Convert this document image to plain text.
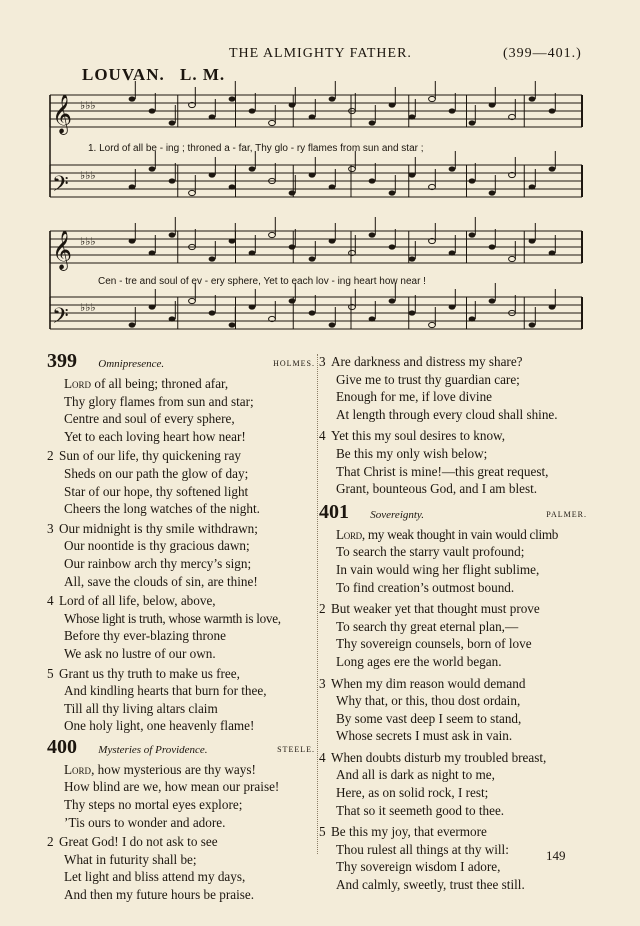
THE ALMIGHTY FATHER.	(399—401.)
LOUVAN. L. M.
𝄞 ♭♭♭
𝄢 ♭♭♭
𝄞 ♭♭♭
𝄢 ♭♭♭
1. Lord of all be - ing ; throned a - far, Thy glo - ry flames from sun and star ;
Cen - tre and soul of ev - ery sphere, Yet to each lov - ing heart how near !
399 Omnipresence.	HOLMES.
Lord of all being; throned afar,
Thy glory flames from sun and star;
Centre and soul of every sphere,
Yet to each loving heart how near!
2 Sun of our life, thy quickening ray
Sheds on our path the glow of day;
Star of our hope, thy softened light
Cheers the long watches of the night.
3 Our midnight is thy smile withdrawn;
Our noontide is thy gracious dawn;
Our rainbow arch thy mercy’s sign;
All, save the clouds of sin, are thine!
4 Lord of all life, below, above,
Whose light is truth, whose warmth is love,
Before thy ever-blazing throne
We ask no lustre of our own.
5 Grant us thy truth to make us free,
And kindling hearts that burn for thee,
Till all thy living altars claim
One holy light, one heavenly flame!
400 Mysteries of Providence.	STEELE.
Lord, how mysterious are thy ways!
How blind are we, how mean our praise!
Thy steps no mortal eyes explore;
’Tis ours to wonder and adore.
2 Great God! I do not ask to see
What in futurity shall be;
Let light and bliss attend my days,
And then my future hours be praise.
3 Are darkness and distress my share?
Give me to trust thy guardian care;
Enough for me, if love divine
At length through every cloud shall shine.
4 Yet this my soul desires to know,
Be this my only wish below;
That Christ is mine!—this great request,
Grant, bounteous God, and I am blest.
401 Sovereignty.	PALMER.
Lord, my weak thought in vain would climb
To search the starry vault profound;
In vain would wing her flight sublime,
To find creation’s outmost bound.
2 But weaker yet that thought must prove
To search thy great eternal plan,—
Thy sovereign counsels, born of love
Long ages ere the world began.
3 When my dim reason would demand
Why that, or this, thou dost ordain,
By some vast deep I seem to stand,
Whose secrets I must ask in vain.
4 When doubts disturb my troubled breast,
And all is dark as night to me,
Here, as on solid rock, I rest;
That so it seemeth good to thee.
5 Be this my joy, that evermore
Thou rulest all things at thy will:
Thy sovereign wisdom I adore,
And calmly, sweetly, trust thee still.
149
